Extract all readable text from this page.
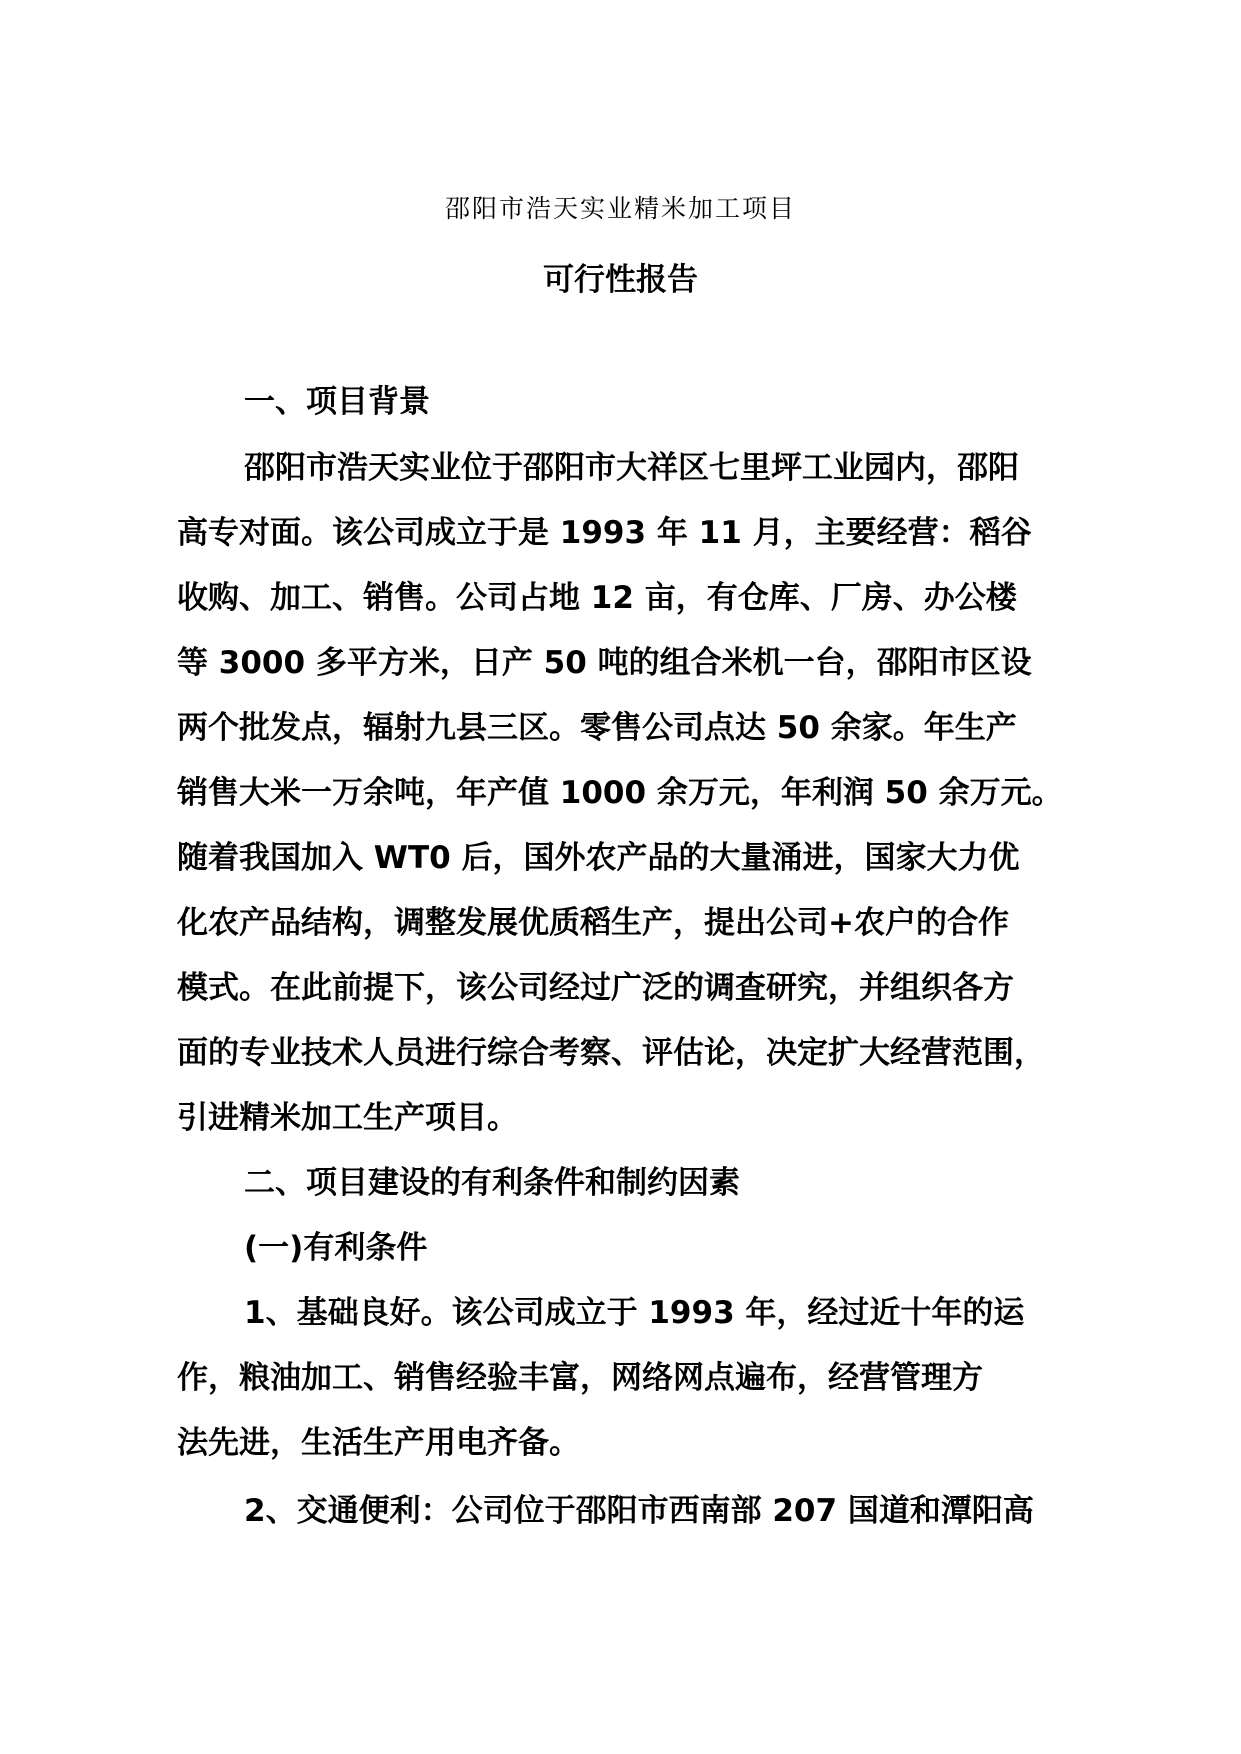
邵阳市浩天实业精米加工项目
可行性报告
一、项目背景
邵阳市浩天实业位于邵阳市大祥区七里坪工业园内，邵阳
高专对面。该公司成立于是 1993 年 11 月，主要经营：稻谷
收购、加工、销售。公司占地 12 亩，有仓库、厂房、办公楼
等 3000 多平方米，日产 50 吨的组合米机一台，邵阳市区设
两个批发点，辐射九县三区。零售公司点达 50 余家。年生产
销售大米一万余吨，年产值 1000 余万元，年利润 50 余万元。
随着我国加入 WT0 后，国外农产品的大量涌进，国家大力优
化农产品结构，调整发展优质稻生产，提出公司+农户的合作
模式。在此前提下，该公司经过广泛的调查研究，并组织各方
面的专业技术人员进行综合考察、评估论，决定扩大经营范围，
引进精米加工生产项目。
二、项目建设的有利条件和制约因素
(一)有利条件
1、基础良好。该公司成立于 1993 年，经过近十年的运
作，粮油加工、销售经验丰富，网络网点遍布，经营管理方
法先进，生活生产用电齐备。
2、交通便利：公司位于邵阳市西南部 207 国道和潭阳高
